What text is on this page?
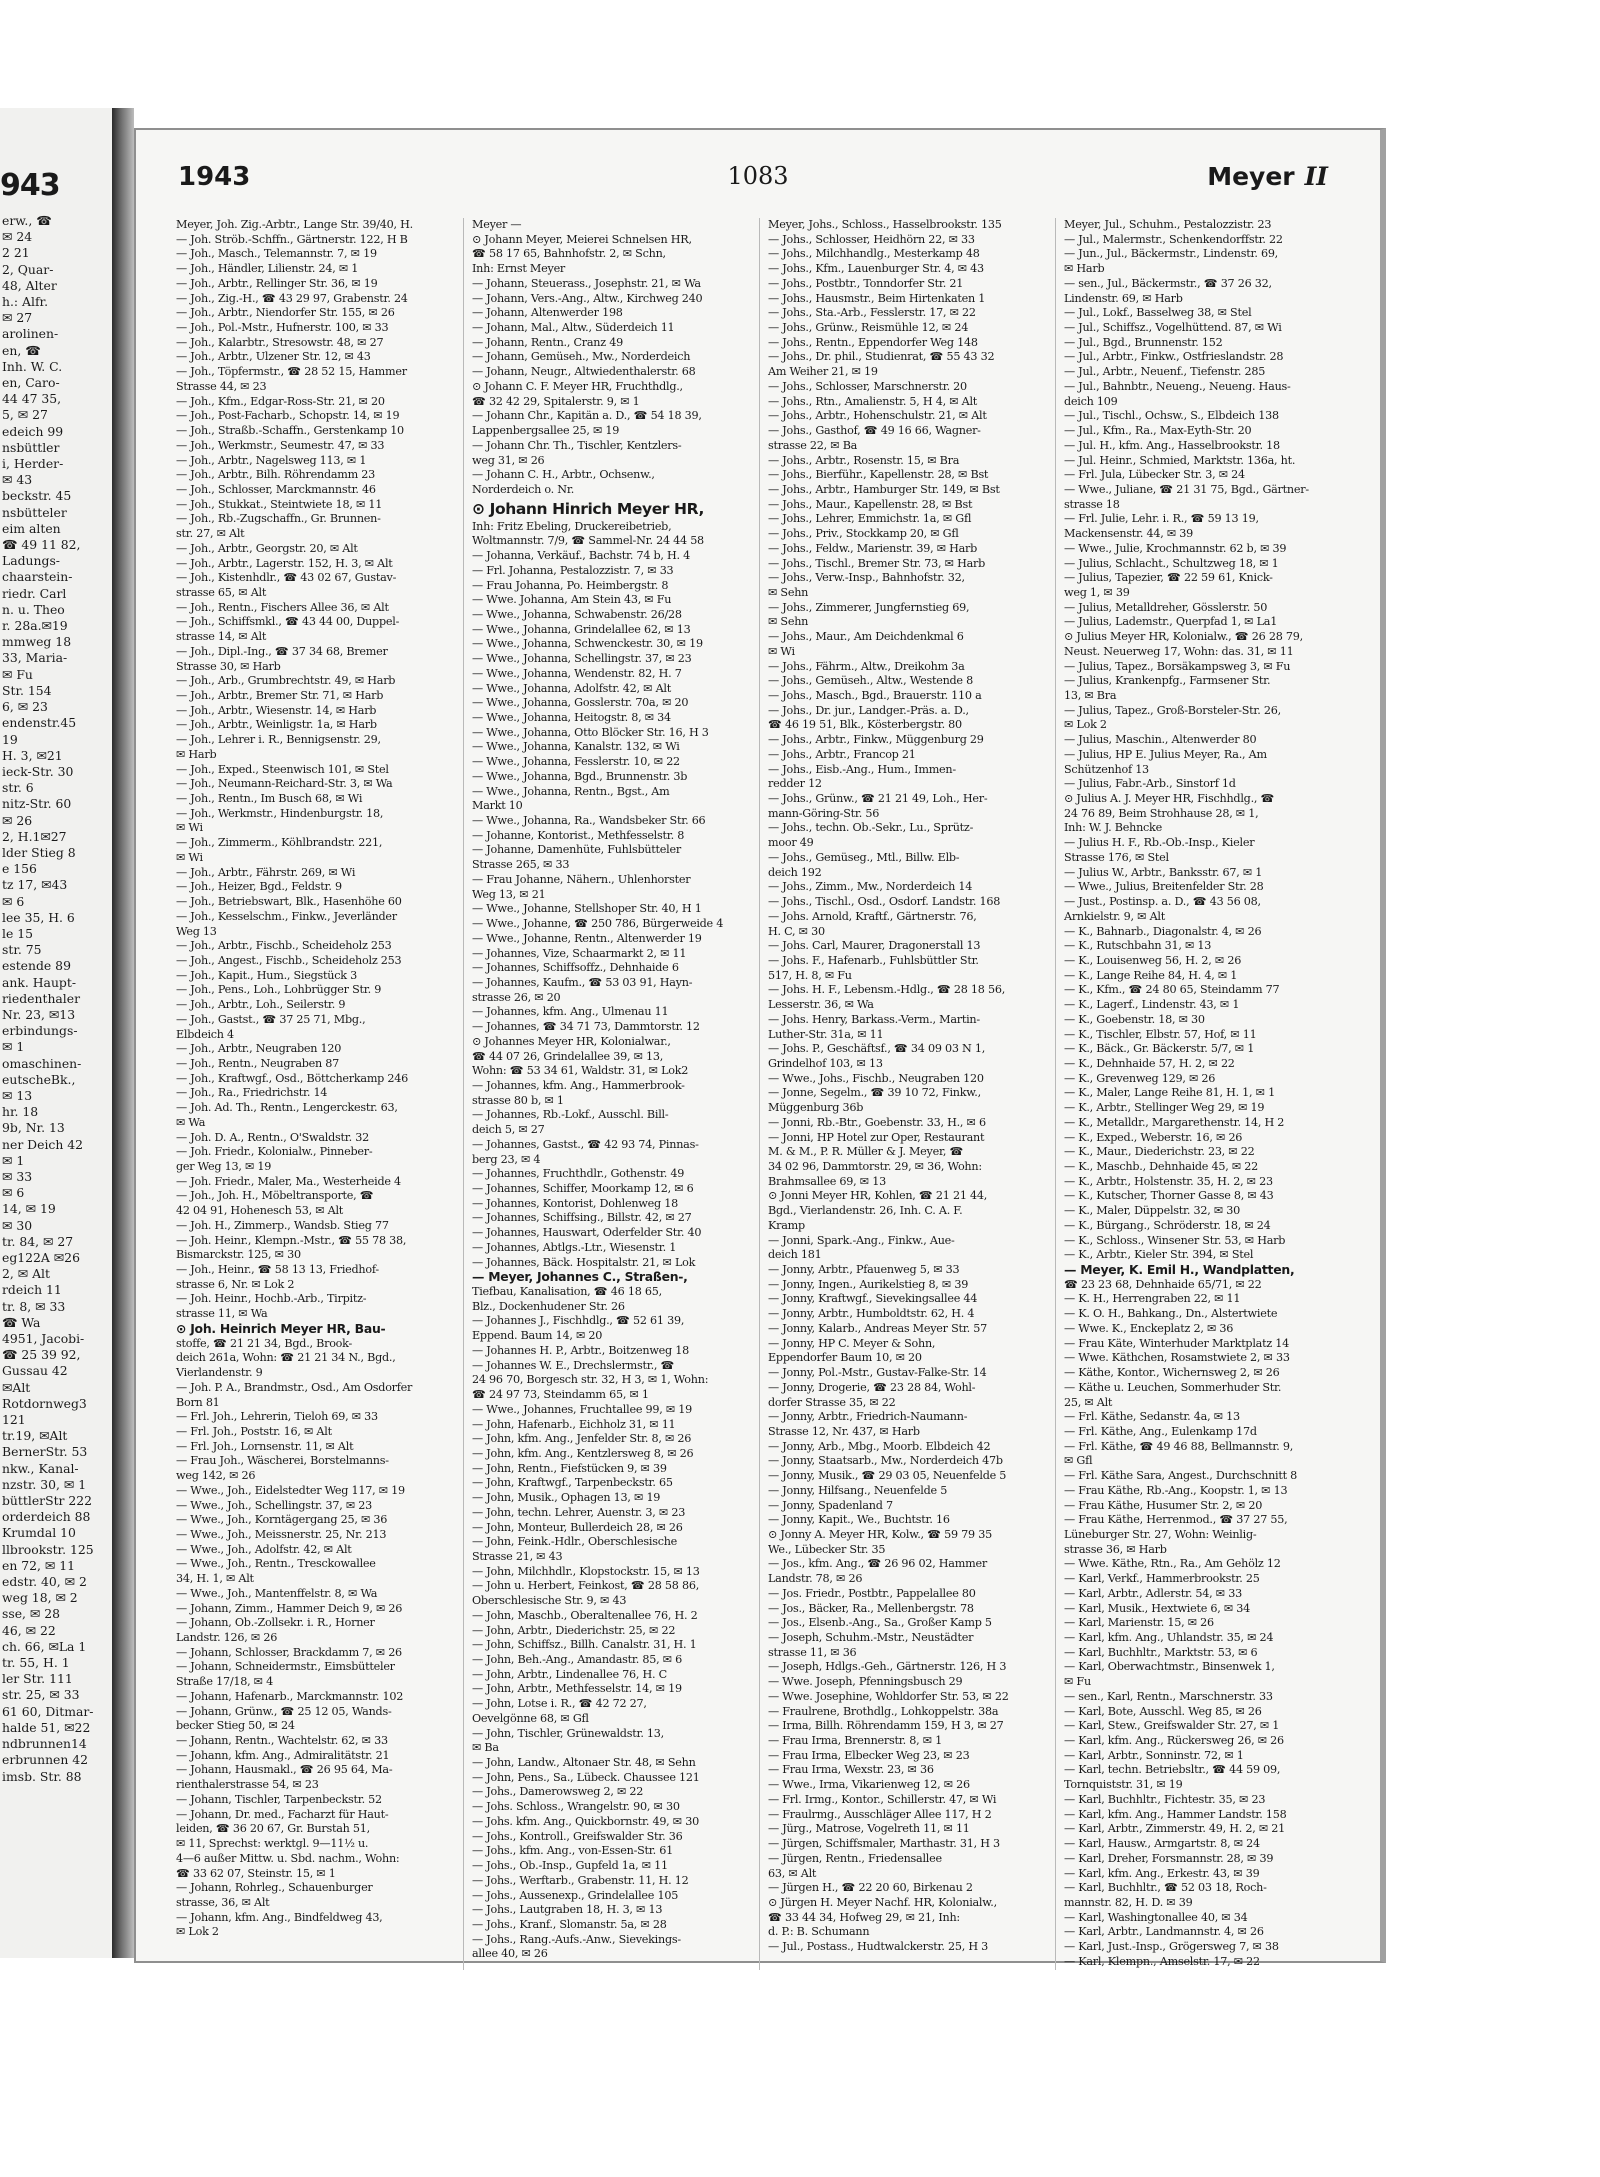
943
erw., ☎
✉ 24
2 21
2, Quar-
48, Alter
h.: Alfr.
✉ 27
arolinen-
en, ☎
Inh. W. C.
en, Caro-
44 47 35,
5, ✉ 27
edeich 99
nsbüttler
i, Herder-
✉ 43
beckstr. 45
nsbütteler
eim alten
☎ 49 11 82,
Ladungs-
chaarstein-
riedr. Carl
n. u. Theo
r. 28a.✉19
mmweg 18
33, Maria-
✉ Fu
Str. 154
6, ✉ 23
endenstr.45
19
H. 3, ✉21
ieck-Str. 30
str. 6
nitz-Str. 60
✉ 26
2, H.1✉27
lder Stieg 8
e 156
tz 17, ✉43
✉ 6
lee 35, H. 6
le 15
str. 75
estende 89
ank. Haupt-
riedenthaler
Nr. 23, ✉13
erbindungs-
✉ 1
omaschinen-
eutscheBk.,
✉ 13
hr. 18
9b, Nr. 13
ner Deich 42
✉ 1
✉ 33
✉ 6
14, ✉ 19
✉ 30
tr. 84, ✉ 27
eg122A ✉26
2, ✉ Alt
rdeich 11
tr. 8, ✉ 33
☎ Wa
4951, Jacobi-
☎ 25 39 92,
Gussau 42
✉Alt
Rotdornweg3
121
tr.19, ✉Alt
BernerStr. 53
nkw., Kanal-
nzstr. 30, ✉ 1
büttlerStr 222
orderdeich 88
Krumdal 10
llbrookstr. 125
en 72, ✉ 11
edstr. 40, ✉ 2
weg 18, ✉ 2
sse, ✉ 28
46, ✉ 22
ch. 66, ✉La 1
tr. 55, H. 1
ler Str. 111
str. 25, ✉ 33
61 60, Ditmar-
halde 51, ✉22
ndbrunnen14
erbrunnen 42
imsb. Str. 88
1943	1083	Meyer II
Meyer, Joh. Zig.-Arbtr., Lange Str. 39/40, H.
— Joh. Ströb.-Schffn., Gärtnerstr. 122, H B
— Joh., Masch., Telemannstr. 7, ✉ 19
— Joh., Händler, Lilienstr. 24, ✉ 1
— Joh., Arbtr., Rellinger Str. 36, ✉ 19
— Joh., Zig.-H., ☎ 43 29 97, Grabenstr. 24
— Joh., Arbtr., Niendorfer Str. 155, ✉ 26
— Joh., Pol.-Mstr., Hufnerstr. 100, ✉ 33
— Joh., Kalarbtr., Stresowstr. 48, ✉ 27
— Joh., Arbtr., Ulzener Str. 12, ✉ 43
— Joh., Töpfermstr., ☎ 28 52 15, Hammer
Strasse 44, ✉ 23
— Joh., Kfm., Edgar-Ross-Str. 21, ✉ 20
— Joh., Post-Facharb., Schopstr. 14, ✉ 19
— Joh., Straßb.-Schaffn., Gerstenkamp 10
— Joh., Werkmstr., Seumestr. 47, ✉ 33
— Joh., Arbtr., Nagelsweg 113, ✉ 1
— Joh., Arbtr., Bilh. Röhrendamm 23
— Joh., Schlosser, Marckmannstr. 46
— Joh., Stukkat., Steintwiete 18, ✉ 11
— Joh., Rb.-Zugschaffn., Gr. Brunnen-
str. 27, ✉ Alt
— Joh., Arbtr., Georgstr. 20, ✉ Alt
— Joh., Arbtr., Lagerstr. 152, H. 3, ✉ Alt
— Joh., Kistenhdlr., ☎ 43 02 67, Gustav-
strasse 65, ✉ Alt
— Joh., Rentn., Fischers Allee 36, ✉ Alt
— Joh., Schiffsmkl., ☎ 43 44 00, Duppel-
strasse 14, ✉ Alt
— Joh., Dipl.-Ing., ☎ 37 34 68, Bremer
Strasse 30, ✉ Harb
— Joh., Arb., Grumbrechtstr. 49, ✉ Harb
— Joh., Arbtr., Bremer Str. 71, ✉ Harb
— Joh., Arbtr., Wiesenstr. 14, ✉ Harb
— Joh., Arbtr., Weinligstr. 1a, ✉ Harb
— Joh., Lehrer i. R., Bennigsenstr. 29,
✉ Harb
— Joh., Exped., Steenwisch 101, ✉ Stel
— Joh., Neumann-Reichard-Str. 3, ✉ Wa
— Joh., Rentn., Im Busch 68, ✉ Wi
— Joh., Werkmstr., Hindenburgstr. 18,
✉ Wi
— Joh., Zimmerm., Köhlbrandstr. 221,
✉ Wi
— Joh., Arbtr., Fährstr. 269, ✉ Wi
— Joh., Heizer, Bgd., Feldstr. 9
— Joh., Betriebswart, Blk., Hasenhöhe 60
— Joh., Kesselschm., Finkw., Jeverländer
Weg 13
— Joh., Arbtr., Fischb., Scheideholz 253
— Joh., Angest., Fischb., Scheideholz 253
— Joh., Kapit., Hum., Siegstück 3
— Joh., Pens., Loh., Lohbrügger Str. 9
— Joh., Arbtr., Loh., Seilerstr. 9
— Joh., Gastst., ☎ 37 25 71, Mbg.,
Elbdeich 4
— Joh., Arbtr., Neugraben 120
— Joh., Rentn., Neugraben 87
— Joh., Kraftwgf., Osd., Böttcherkamp 246
— Joh., Ra., Friedrichstr. 14
— Joh. Ad. Th., Rentn., Lengerckestr. 63,
✉ Wa
— Joh. D. A., Rentn., O'Swaldstr. 32
— Joh. Friedr., Kolonialw., Pinneber-
ger Weg 13, ✉ 19
— Joh. Friedr., Maler, Ma., Westerheide 4
— Joh., Joh. H., Möbeltransporte, ☎
42 04 91, Hohenesch 53, ✉ Alt
— Joh. H., Zimmerp., Wandsb. Stieg 77
— Joh. Heinr., Klempn.-Mstr., ☎ 55 78 38,
Bismarckstr. 125, ✉ 30
— Joh., Heinr., ☎ 58 13 13, Friedhof-
strasse 6, Nr. ✉ Lok 2
— Joh. Heinr., Hochb.-Arb., Tirpitz-
strasse 11, ✉ Wa
⊙ Joh. Heinrich Meyer HR, Bau-
stoffe, ☎ 21 21 34, Bgd., Brook-
deich 261a, Wohn: ☎ 21 21 34 N., Bgd.,
Vierlandenstr. 9
— Joh. P. A., Brandmstr., Osd., Am Osdorfer
Born 81
— Frl. Joh., Lehrerin, Tieloh 69, ✉ 33
— Frl. Joh., Poststr. 16, ✉ Alt
— Frl. Joh., Lornsenstr. 11, ✉ Alt
— Frau Joh., Wäscherei, Borstelmanns-
weg 142, ✉ 26
— Wwe., Joh., Eidelstedter Weg 117, ✉ 19
— Wwe., Joh., Schellingstr. 37, ✉ 23
— Wwe., Joh., Korntägergang 25, ✉ 36
— Wwe., Joh., Meissnerstr. 25, Nr. 213
— Wwe., Joh., Adolfstr. 42, ✉ Alt
— Wwe., Joh., Rentn., Tresckowallee
34, H. 1, ✉ Alt
— Wwe., Joh., Mantenffelstr. 8, ✉ Wa
— Johann, Zimm., Hammer Deich 9, ✉ 26
— Johann, Ob.-Zollsekr. i. R., Horner
Landstr. 126, ✉ 26
— Johann, Schlosser, Brackdamm 7, ✉ 26
— Johann, Schneidermstr., Eimsbütteler
Straße 17/18, ✉ 4
— Johann, Hafenarb., Marckmannstr. 102
— Johann, Grünw., ☎ 25 12 05, Wands-
becker Stieg 50, ✉ 24
— Johann, Rentn., Wachtelstr. 62, ✉ 33
— Johann, kfm. Ang., Admiralitätstr. 21
— Johann, Hausmakl., ☎ 26 95 64, Ma-
rienthalerstrasse 54, ✉ 23
— Johann, Tischler, Tarpenbeckstr. 52
— Johann, Dr. med., Facharzt für Haut-
leiden, ☎ 36 20 67, Gr. Burstah 51,
✉ 11, Sprechst: werktgl. 9—11½ u.
4—6 außer Mittw. u. Sbd. nachm., Wohn:
☎ 33 62 07, Steinstr. 15, ✉ 1
— Johann, Rohrleg., Schauenburger
strasse, 36, ✉ Alt
— Johann, kfm. Ang., Bindfeldweg 43,
✉ Lok 2
Meyer —
⊙ Johann Meyer, Meierei Schnelsen HR,
☎ 58 17 65, Bahnhofstr. 2, ✉ Schn,
Inh: Ernst Meyer
— Johann, Steuerass., Josephstr. 21, ✉ Wa
— Johann, Vers.-Ang., Altw., Kirchweg 240
— Johann, Altenwerder 198
— Johann, Mal., Altw., Süderdeich 11
— Johann, Rentn., Cranz 49
— Johann, Gemüseh., Mw., Norderdeich
— Johann, Neugr., Altwiedenthalerstr. 68
⊙ Johann C. F. Meyer HR, Fruchthdlg.,
☎ 32 42 29, Spitalerstr. 9, ✉ 1
— Johann Chr., Kapitän a. D., ☎ 54 18 39,
Lappenbergsallee 25, ✉ 19
— Johann Chr. Th., Tischler, Kentzlers-
weg 31, ✉ 26
— Johann C. H., Arbtr., Ochsenw.,
Norderdeich o. Nr.
⊙ Johann Hinrich Meyer HR,
Inh: Fritz Ebeling, Druckereibetrieb,
Woltmannstr. 7/9, ☎ Sammel-Nr. 24 44 58
— Johanna, Verkäuf., Bachstr. 74 b, H. 4
— Frl. Johanna, Pestalozzistr. 7, ✉ 33
— Frau Johanna, Po. Heimbergstr. 8
— Wwe. Johanna, Am Stein 43, ✉ Fu
— Wwe., Johanna, Schwabenstr. 26/28
— Wwe., Johanna, Grindelallee 62, ✉ 13
— Wwe., Johanna, Schwenckestr. 30, ✉ 19
— Wwe., Johanna, Schellingstr. 37, ✉ 23
— Wwe., Johanna, Wendenstr. 82, H. 7
— Wwe., Johanna, Adolfstr. 42, ✉ Alt
— Wwe., Johanna, Gosslerstr. 70a, ✉ 20
— Wwe., Johanna, Heitogstr. 8, ✉ 34
— Wwe., Johanna, Otto Blöcker Str. 16, H 3
— Wwe., Johanna, Kanalstr. 132, ✉ Wi
— Wwe., Johanna, Fesslerstr. 10, ✉ 22
— Wwe., Johanna, Bgd., Brunnenstr. 3b
— Wwe., Johanna, Rentn., Bgst., Am
Markt 10
— Wwe., Johanna, Ra., Wandsbeker Str. 66
— Johanne, Kontorist., Methfesselstr. 8
— Johanne, Damenhüte, Fuhlsbütteler
Strasse 265, ✉ 33
— Frau Johanne, Nähern., Uhlenhorster
Weg 13, ✉ 21
— Wwe., Johanne, Stellshoper Str. 40, H 1
— Wwe., Johanne, ☎ 250 786, Bürgerweide 4
— Wwe., Johanne, Rentn., Altenwerder 19
— Johannes, Vize, Schaarmarkt 2, ✉ 11
— Johannes, Schiffsoffz., Dehnhaide 6
— Johannes, Kaufm., ☎ 53 03 91, Hayn-
strasse 26, ✉ 20
— Johannes, kfm. Ang., Ulmenau 11
— Johannes, ☎ 34 71 73, Dammtorstr. 12
⊙ Johannes Meyer HR, Kolonialwar.,
☎ 44 07 26, Grindelallee 39, ✉ 13,
Wohn: ☎ 53 34 61, Waldstr. 31, ✉ Lok2
— Johannes, kfm. Ang., Hammerbrook-
strasse 80 b, ✉ 1
— Johannes, Rb.-Lokf., Ausschl. Bill-
deich 5, ✉ 27
— Johannes, Gastst., ☎ 42 93 74, Pinnas-
berg 23, ✉ 4
— Johannes, Fruchthdlr., Gothenstr. 49
— Johannes, Schiffer, Moorkamp 12, ✉ 6
— Johannes, Kontorist, Dohlenweg 18
— Johannes, Schiffsing., Billstr. 42, ✉ 27
— Johannes, Hauswart, Oderfelder Str. 40
— Johannes, Abtlgs.-Ltr., Wiesenstr. 1
— Johannes, Bäck. Hospitalstr. 21, ✉ Lok
— Meyer, Johannes C., Straßen-,
Tiefbau, Kanalisation, ☎ 46 18 65,
Blz., Dockenhudener Str. 26
— Johannes J., Fischhdlg., ☎ 52 61 39,
Eppend. Baum 14, ✉ 20
— Johannes H. P., Arbtr., Boitzenweg 18
— Johannes W. E., Drechslermstr., ☎
24 96 70, Borgesch str. 32, H 3, ✉ 1, Wohn:
☎ 24 97 73, Steindamm 65, ✉ 1
— Wwe., Johannes, Fruchtallee 99, ✉ 19
— John, Hafenarb., Eichholz 31, ✉ 11
— John, kfm. Ang., Jenfelder Str. 8, ✉ 26
— John, kfm. Ang., Kentzlersweg 8, ✉ 26
— John, Rentn., Fiefstücken 9, ✉ 39
— John, Kraftwgf., Tarpenbeckstr. 65
— John, Musik., Ophagen 13, ✉ 19
— John, techn. Lehrer, Auenstr. 3, ✉ 23
— John, Monteur, Bullerdeich 28, ✉ 26
— John, Feink.-Hdlr., Oberschlesische
Strasse 21, ✉ 43
— John, Milchhdlr., Klopstockstr. 15, ✉ 13
— John u. Herbert, Feinkost, ☎ 28 58 86,
Oberschlesische Str. 9, ✉ 43
— John, Maschb., Oberaltenallee 76, H. 2
— John, Arbtr., Diederichstr. 25, ✉ 22
— John, Schiffsz., Billh. Canalstr. 31, H. 1
— John, Beh.-Ang., Amandastr. 85, ✉ 6
— John, Arbtr., Lindenallee 76, H. C
— John, Arbtr., Methfesselstr. 14, ✉ 19
— John, Lotse i. R., ☎ 42 72 27,
Oevelgönne 68, ✉ Gfl
— John, Tischler, Grünewaldstr. 13,
✉ Ba
— John, Landw., Altonaer Str. 48, ✉ Sehn
— John, Pens., Sa., Lübeck. Chaussee 121
— Johs., Damerowsweg 2, ✉ 22
— Johs. Schloss., Wrangelstr. 90, ✉ 30
— Johs. kfm. Ang., Quickbornstr. 49, ✉ 30
— Johs., Kontroll., Greifswalder Str. 36
— Johs., kfm. Ang., von-Essen-Str. 61
— Johs., Ob.-Insp., Gupfeld 1a, ✉ 11
— Johs., Werftarb., Grabenstr. 11, H. 12
— Johs., Aussenexp., Grindelallee 105
— Johs., Lautgraben 18, H. 3, ✉ 13
— Johs., Kranf., Slomanstr. 5a, ✉ 28
— Johs., Rang.-Aufs.-Anw., Sievekings-
allee 40, ✉ 26
Meyer, Johs., Schloss., Hasselbrookstr. 135
— Johs., Schlosser, Heidhörn 22, ✉ 33
— Johs., Milchhandlg., Mesterkamp 48
— Johs., Kfm., Lauenburger Str. 4, ✉ 43
— Johs., Postbtr., Tonndorfer Str. 21
— Johs., Hausmstr., Beim Hirtenkaten 1
— Johs., Sta.-Arb., Fesslerstr. 17, ✉ 22
— Johs., Grünw., Reismühle 12, ✉ 24
— Johs., Rentn., Eppendorfer Weg 148
— Johs., Dr. phil., Studienrat, ☎ 55 43 32
Am Weiher 21, ✉ 19
— Johs., Schlosser, Marschnerstr. 20
— Johs., Rtn., Amalienstr. 5, H 4, ✉ Alt
— Johs., Arbtr., Hohenschulstr. 21, ✉ Alt
— Johs., Gasthof, ☎ 49 16 66, Wagner-
strasse 22, ✉ Ba
— Johs., Arbtr., Rosenstr. 15, ✉ Bra
— Johs., Bierführ., Kapellenstr. 28, ✉ Bst
— Johs., Arbtr., Hamburger Str. 149, ✉ Bst
— Johs., Maur., Kapellenstr. 28, ✉ Bst
— Johs., Lehrer, Emmichstr. 1a, ✉ Gfl
— Johs., Priv., Stockkamp 20, ✉ Gfl
— Johs., Feldw., Marienstr. 39, ✉ Harb
— Johs., Tischl., Bremer Str. 73, ✉ Harb
— Johs., Verw.-Insp., Bahnhofstr. 32,
✉ Sehn
— Johs., Zimmerer, Jungfernstieg 69,
✉ Sehn
— Johs., Maur., Am Deichdenkmal 6
✉ Wi
— Johs., Fährm., Altw., Dreikohm 3a
— Johs., Gemüseh., Altw., Westende 8
— Johs., Masch., Bgd., Brauerstr. 110 a
— Johs., Dr. jur., Landger.-Präs. a. D.,
☎ 46 19 51, Blk., Kösterbergstr. 80
— Johs., Arbtr., Finkw., Müggenburg 29
— Johs., Arbtr., Francop 21
— Johs., Eisb.-Ang., Hum., Immen-
redder 12
— Johs., Grünw., ☎ 21 21 49, Loh., Her-
mann-Göring-Str. 56
— Johs., techn. Ob.-Sekr., Lu., Sprütz-
moor 49
— Johs., Gemüseg., Mtl., Billw. Elb-
deich 192
— Johs., Zimm., Mw., Norderdeich 14
— Johs., Tischl., Osd., Osdorf. Landstr. 168
— Johs. Arnold, Kraftf., Gärtnerstr. 76,
H. C, ✉ 30
— Johs. Carl, Maurer, Dragonerstall 13
— Johs. F., Hafenarb., Fuhlsbüttler Str.
517, H. 8, ✉ Fu
— Johs. H. F., Lebensm.-Hdlg., ☎ 28 18 56,
Lesserstr. 36, ✉ Wa
— Johs. Henry, Barkass.-Verm., Martin-
Luther-Str. 31a, ✉ 11
— Johs. P., Geschäftsf., ☎ 34 09 03 N 1,
Grindelhof 103, ✉ 13
— Wwe., Johs., Fischb., Neugraben 120
— Jonne, Segelm., ☎ 39 10 72, Finkw.,
Müggenburg 36b
— Jonni, Rb.-Btr., Goebenstr. 33, H., ✉ 6
— Jonni, HP Hotel zur Oper, Restaurant
M. & M., P. R. Müller & J. Meyer, ☎
34 02 96, Dammtorstr. 29, ✉ 36, Wohn:
Brahmsallee 69, ✉ 13
⊙ Jonni Meyer HR, Kohlen, ☎ 21 21 44,
Bgd., Vierlandenstr. 26, Inh. C. A. F.
Kramp
— Jonni, Spark.-Ang., Finkw., Aue-
deich 181
— Jonny, Arbtr., Pfauenweg 5, ✉ 33
— Jonny, Ingen., Aurikelstieg 8, ✉ 39
— Jonny, Kraftwgf., Sievekingsallee 44
— Jonny, Arbtr., Humboldtstr. 62, H. 4
— Jonny, Kalarb., Andreas Meyer Str. 57
— Jonny, HP C. Meyer & Sohn,
Eppendorfer Baum 10, ✉ 20
— Jonny, Pol.-Mstr., Gustav-Falke-Str. 14
— Jonny, Drogerie, ☎ 23 28 84, Wohl-
dorfer Strasse 35, ✉ 22
— Jonny, Arbtr., Friedrich-Naumann-
Strasse 12, Nr. 437, ✉ Harb
— Jonny, Arb., Mbg., Moorb. Elbdeich 42
— Jonny, Staatsarb., Mw., Norderdeich 47b
— Jonny, Musik., ☎ 29 03 05, Neuenfelde 5
— Jonny, Hilfsang., Neuenfelde 5
— Jonny, Spadenland 7
— Jonny, Kapit., We., Buchtstr. 16
⊙ Jonny A. Meyer HR, Kolw., ☎ 59 79 35
We., Lübecker Str. 35
— Jos., kfm. Ang., ☎ 26 96 02, Hammer
Landstr. 78, ✉ 26
— Jos. Friedr., Postbtr., Pappelallee 80
— Jos., Bäcker, Ra., Mellenbergstr. 78
— Jos., Elsenb.-Ang., Sa., Großer Kamp 5
— Joseph, Schuhm.-Mstr., Neustädter
strasse 11, ✉ 36
— Joseph, Hdlgs.-Geh., Gärtnerstr. 126, H 3
— Wwe. Joseph, Pfenningsbusch 29
— Wwe. Josephine, Wohldorfer Str. 53, ✉ 22
— Fraulrene, Brothdlg., Lohkoppelstr. 38a
— Irma, Billh. Röhrendamm 159, H 3, ✉ 27
— Frau Irma, Brennerstr. 8, ✉ 1
— Frau Irma, Elbecker Weg 23, ✉ 23
— Frau Irma, Wexstr. 23, ✉ 36
— Wwe., Irma, Vikarienweg 12, ✉ 26
— Frl. Irmg., Kontor., Schillerstr. 47, ✉ Wi
— Fraulrmg., Ausschläger Allee 117, H 2
— Jürg., Matrose, Vogelreth 11, ✉ 11
— Jürgen, Schiffsmaler, Marthastr. 31, H 3
— Jürgen, Rentn., Friedensallee
63, ✉ Alt
— Jürgen H., ☎ 22 20 60, Birkenau 2
⊙ Jürgen H. Meyer Nachf. HR, Kolonialw.,
☎ 33 44 34, Hofweg 29, ✉ 21, Inh:
d. P.: B. Schumann
— Jul., Postass., Hudtwalckerstr. 25, H 3
Meyer, Jul., Schuhm., Pestalozzistr. 23
— Jul., Malermstr., Schenkendorffstr. 22
— Jun., Jul., Bäckermstr., Lindenstr. 69,
✉ Harb
— sen., Jul., Bäckermstr., ☎ 37 26 32,
Lindenstr. 69, ✉ Harb
— Jul., Lokf., Basselweg 38, ✉ Stel
— Jul., Schiffsz., Vogelhüttend. 87, ✉ Wi
— Jul., Bgd., Brunnenstr. 152
— Jul., Arbtr., Finkw., Ostfrieslandstr. 28
— Jul., Arbtr., Neuenf., Tiefenstr. 285
— Jul., Bahnbtr., Neueng., Neueng. Haus-
deich 109
— Jul., Tischl., Ochsw., S., Elbdeich 138
— Jul., Kfm., Ra., Max-Eyth-Str. 20
— Jul. H., kfm. Ang., Hasselbrookstr. 18
— Jul. Heinr., Schmied, Marktstr. 136a, ht.
— Frl. Jula, Lübecker Str. 3, ✉ 24
— Wwe., Juliane, ☎ 21 31 75, Bgd., Gärtner-
strasse 18
— Frl. Julie, Lehr. i. R., ☎ 59 13 19,
Mackensenstr. 44, ✉ 39
— Wwe., Julie, Krochmannstr. 62 b, ✉ 39
— Julius, Schlacht., Schultzweg 18, ✉ 1
— Julius, Tapezier, ☎ 22 59 61, Knick-
weg 1, ✉ 39
— Julius, Metalldreher, Gösslerstr. 50
— Julius, Lademstr., Querpfad 1, ✉ La1
⊙ Julius Meyer HR, Kolonialw., ☎ 26 28 79,
Neust. Neuerweg 17, Wohn: das. 31, ✉ 11
— Julius, Tapez., Borsäkampsweg 3, ✉ Fu
— Julius, Krankenpfg., Farmsener Str.
13, ✉ Bra
— Julius, Tapez., Groß-Borsteler-Str. 26,
✉ Lok 2
— Julius, Maschin., Altenwerder 80
— Julius, HP E. Julius Meyer, Ra., Am
Schützenhof 13
— Julius, Fabr.-Arb., Sinstorf 1d
⊙ Julius A. J. Meyer HR, Fischhdlg., ☎
24 76 89, Beim Strohhause 28, ✉ 1,
Inh: W. J. Behncke
— Julius H. F., Rb.-Ob.-Insp., Kieler
Strasse 176, ✉ Stel
— Julius W., Arbtr., Banksstr. 67, ✉ 1
— Wwe., Julius, Breitenfelder Str. 28
— Just., Postinsp. a. D., ☎ 43 56 08,
Arnkielstr. 9, ✉ Alt
— K., Bahnarb., Diagonalstr. 4, ✉ 26
— K., Rutschbahn 31, ✉ 13
— K., Louisenweg 56, H. 2, ✉ 26
— K., Lange Reihe 84, H. 4, ✉ 1
— K., Kfm., ☎ 24 80 65, Steindamm 77
— K., Lagerf., Lindenstr. 43, ✉ 1
— K., Goebenstr. 18, ✉ 30
— K., Tischler, Elbstr. 57, Hof, ✉ 11
— K., Bäck., Gr. Bäckerstr. 5/7, ✉ 1
— K., Dehnhaide 57, H. 2, ✉ 22
— K., Grevenweg 129, ✉ 26
— K., Maler, Lange Reihe 81, H. 1, ✉ 1
— K., Arbtr., Stellinger Weg 29, ✉ 19
— K., Metalldr., Margarethenstr. 14, H 2
— K., Exped., Weberstr. 16, ✉ 26
— K., Maur., Diederichstr. 23, ✉ 22
— K., Maschb., Dehnhaide 45, ✉ 22
— K., Arbtr., Holstenstr. 35, H. 2, ✉ 23
— K., Kutscher, Thorner Gasse 8, ✉ 43
— K., Maler, Düppelstr. 32, ✉ 30
— K., Bürgang., Schröderstr. 18, ✉ 24
— K., Schloss., Winsener Str. 53, ✉ Harb
— K., Arbtr., Kieler Str. 394, ✉ Stel
— Meyer, K. Emil H., Wandplatten,
☎ 23 23 68, Dehnhaide 65/71, ✉ 22
— K. H., Herrengraben 22, ✉ 11
— K. O. H., Bahkang., Dn., Alstertwiete
— Wwe. K., Enckeplatz 2, ✉ 36
— Frau Käte, Winterhuder Marktplatz 14
— Wwe. Käthchen, Rosamstwiete 2, ✉ 33
— Käthe, Kontor., Wichernsweg 2, ✉ 26
— Käthe u. Leuchen, Sommerhuder Str.
25, ✉ Alt
— Frl. Käthe, Sedanstr. 4a, ✉ 13
— Frl. Käthe, Ang., Eulenkamp 17d
— Frl. Käthe, ☎ 49 46 88, Bellmannstr. 9,
✉ Gfl
— Frl. Käthe Sara, Angest., Durchschnitt 8
— Frau Käthe, Rb.-Ang., Koopstr. 1, ✉ 13
— Frau Käthe, Husumer Str. 2, ✉ 20
— Frau Käthe, Herrenmod., ☎ 37 27 55,
Lüneburger Str. 27, Wohn: Weinlig-
strasse 36, ✉ Harb
— Wwe. Käthe, Rtn., Ra., Am Gehölz 12
— Karl, Verkf., Hammerbrookstr. 25
— Karl, Arbtr., Adlerstr. 54, ✉ 33
— Karl, Musik., Hextwiete 6, ✉ 34
— Karl, Marienstr. 15, ✉ 26
— Karl, kfm. Ang., Uhlandstr. 35, ✉ 24
— Karl, Buchhltr., Marktstr. 53, ✉ 6
— Karl, Oberwachtmstr., Binsenwek 1,
✉ Fu
— sen., Karl, Rentn., Marschnerstr. 33
— Karl, Bote, Ausschl. Weg 85, ✉ 26
— Karl, Stew., Greifswalder Str. 27, ✉ 1
— Karl, kfm. Ang., Rückersweg 26, ✉ 26
— Karl, Arbtr., Sonninstr. 72, ✉ 1
— Karl, techn. Betriebsltr., ☎ 44 59 09,
Tornquiststr. 31, ✉ 19
— Karl, Buchhltr., Fichtestr. 35, ✉ 23
— Karl, kfm. Ang., Hammer Landstr. 158
— Karl, Arbtr., Zimmerstr. 49, H. 2, ✉ 21
— Karl, Hausw., Armgartstr. 8, ✉ 24
— Karl, Dreher, Forsmannstr. 28, ✉ 39
— Karl, kfm. Ang., Erkestr. 43, ✉ 39
— Karl, Buchhltr., ☎ 52 03 18, Roch-
mannstr. 82, H. D. ✉ 39
— Karl, Washingtonallee 40, ✉ 34
— Karl, Arbtr., Landmannstr. 4, ✉ 26
— Karl, Just.-Insp., Grögersweg 7, ✉ 38
— Karl, Klempn., Amselstr. 17, ✉ 22
